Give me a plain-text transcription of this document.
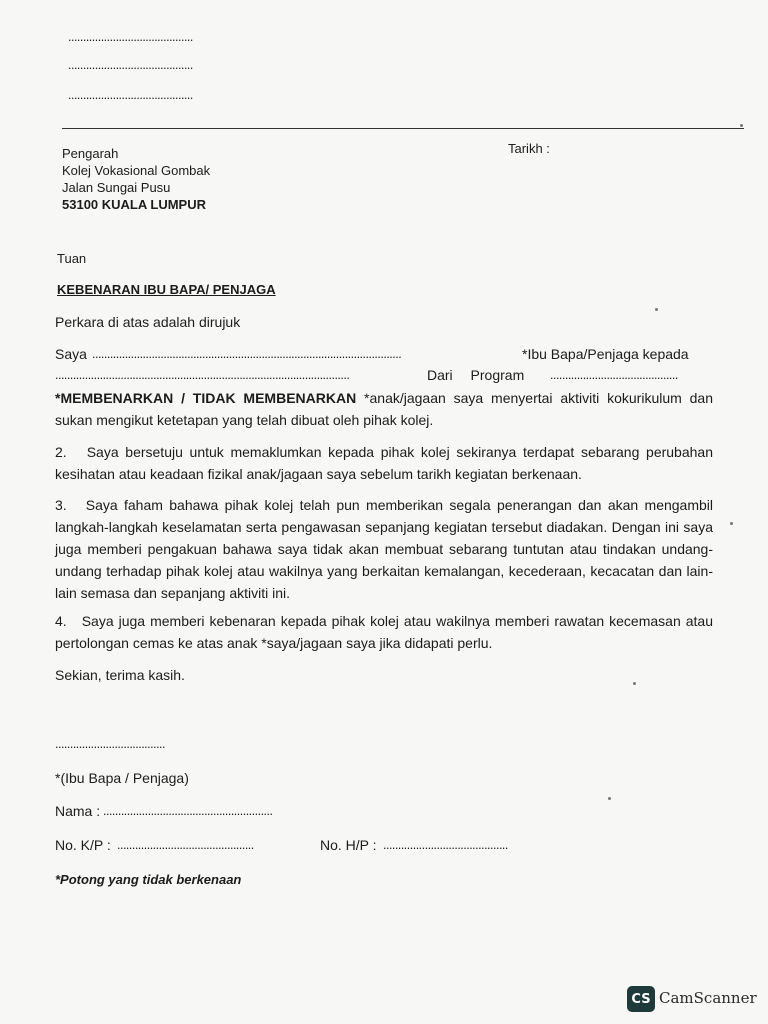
..........................................
..........................................
..........................................
Pengarah
Kolej Vokasional Gombak
Jalan Sungai Pusu
53100 KUALA LUMPUR
Tarikh :
Tuan
KEBENARAN IBU BAPA/ PENJAGA
Perkara di atas adalah dirujuk
Saya ........................................................................................................	*Ibu Bapa/Penjaga kepada
...................................................................................................	Dari Program ...........................................
*MEMBENARKAN / TIDAK MEMBENARKAN *anak/jagaan saya menyertai aktiviti kokurikulum dan sukan mengikut ketetapan yang telah dibuat oleh pihak kolej.
2. Saya bersetuju untuk memaklumkan kepada pihak kolej sekiranya terdapat sebarang perubahan kesihatan atau keadaan fizikal anak/jagaan saya sebelum tarikh kegiatan berkenaan.
3. Saya faham bahawa pihak kolej telah pun memberikan segala penerangan dan akan mengambil langkah-langkah keselamatan serta pengawasan sepanjang kegiatan tersebut diadakan. Dengan ini saya juga memberi pengakuan bahawa saya tidak akan membuat sebarang tuntutan atau tindakan undang-undang terhadap pihak kolej atau wakilnya yang berkaitan kemalangan, kecederaan, kecacatan dan lain-lain semasa dan sepanjang aktiviti ini.
4. Saya juga memberi kebenaran kepada pihak kolej atau wakilnya memberi rawatan kecemasan atau pertolongan cemas ke atas anak *saya/jagaan saya jika didapati perlu.
Sekian, terima kasih.
.....................................
*(Ibu Bapa / Penjaga)
Nama : .........................................................
No. K/P : ..............................................	No. H/P : ..........................................
*Potong yang tidak berkenaan
CS CamScanner
